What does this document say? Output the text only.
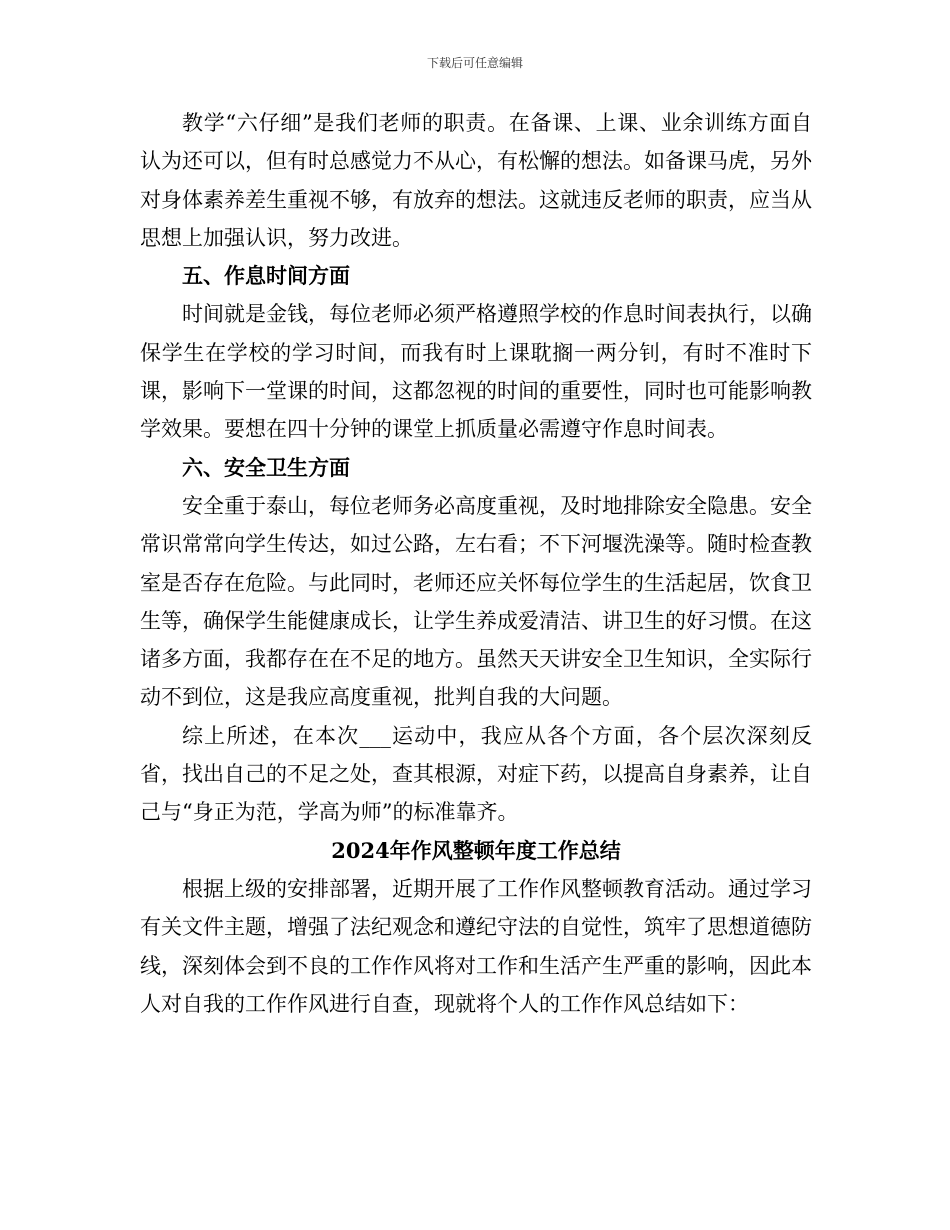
下载后可任意编辑

教学“六仔细”是我们老师的职责。在备课、上课、业余训练方面自认为还可以，但有时总感觉力不从心，有松懈的想法。如备课马虎，另外对身体素养差生重视不够，有放弃的想法。这就违反老师的职责，应当从思想上加强认识，努力改进。

五、作息时间方面

时间就是金钱，每位老师必须严格遵照学校的作息时间表执行，以确保学生在学校的学习时间，而我有时上课耽搁一两分钊，有时不准时下课，影响下一堂课的时间，这都忽视的时间的重要性，同时也可能影响教学效果。要想在四十分钟的课堂上抓质量必需遵守作息时间表。

六、安全卫生方面

安全重于泰山，每位老师务必高度重视，及时地排除安全隐患。安全常识常常向学生传达，如过公路，左右看；不下河堰洗澡等。随时检查教室是否存在危险。与此同时，老师还应关怀每位学生的生活起居，饮食卫生等，确保学生能健康成长，让学生养成爱清洁、讲卫生的好习惯。在这诸多方面，我都存在在不足的地方。虽然天天讲安全卫生知识，全实际行动不到位，这是我应高度重视，批判自我的大问题。

综上所述，在本次___运动中，我应从各个方面，各个层次深刻反省，找出自己的不足之处，查其根源，对症下药，以提高自身素养，让自己与“身正为范，学高为师”的标准靠齐。

2024年作风整顿年度工作总结

根据上级的安排部署，近期开展了工作作风整顿教育活动。通过学习有关文件主题，增强了法纪观念和遵纪守法的自觉性，筑牢了思想道德防线，深刻体会到不良的工作作风将对工作和生活产生严重的影响，因此本人对自我的工作作风进行自查，现就将个人的工作作风总结如下：
